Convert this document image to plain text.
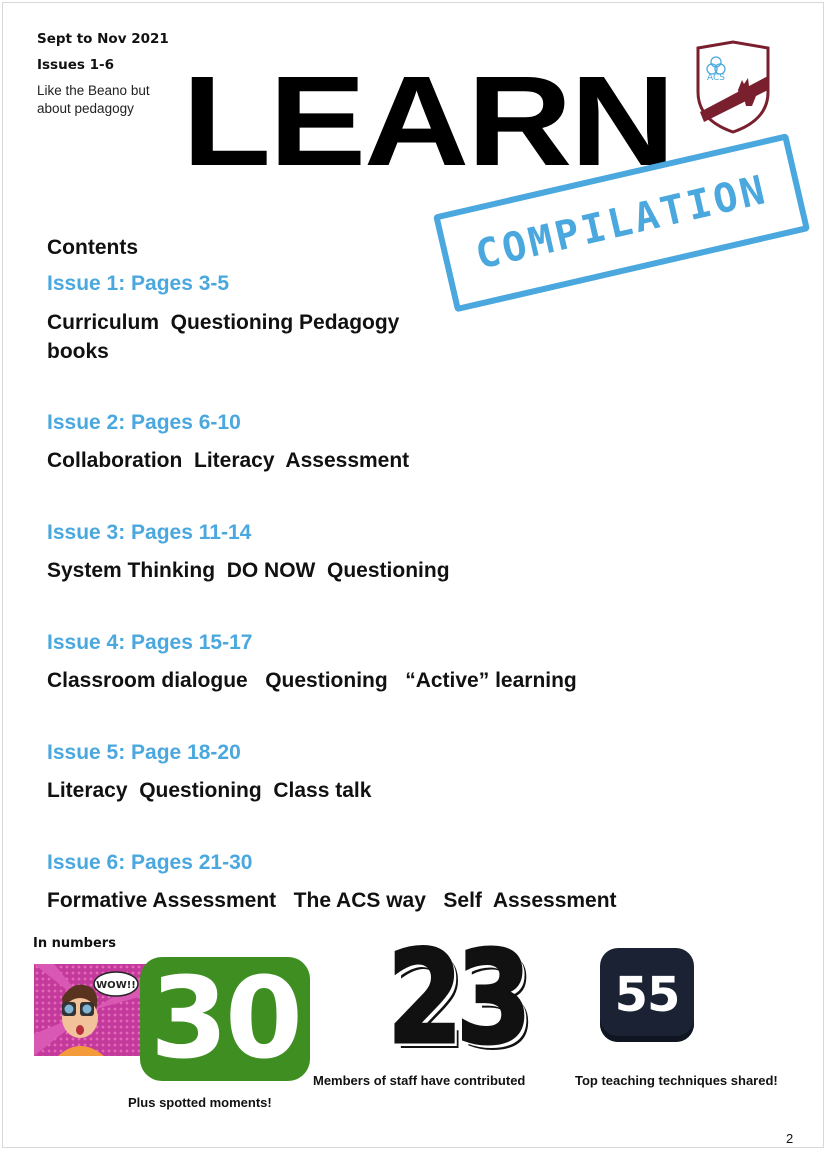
Sept to Nov 2021
Issues 1-6
Like the Beano but
about pedagogy LEARN	ACS
COMPILATION
Contents
Issue 1: Pages 3-5
Curriculum  Questioning Pedagogy
books
Issue 2: Pages 6-10
Collaboration  Literacy  Assessment
Issue 3: Pages 11-14
System Thinking  DO NOW  Questioning
Issue 4: Pages 15-17
Classroom dialogue   Questioning   “Active” learning
Issue 5: Page 18-20
Literacy  Questioning  Class talk
Issue 6: Pages 21-30
Formative Assessment   The ACS way   Self  Assessment
In numbers
WOW!! 30
Plus spotted moments!
23
Members of staff have contributed
55
Top teaching techniques shared!
2
